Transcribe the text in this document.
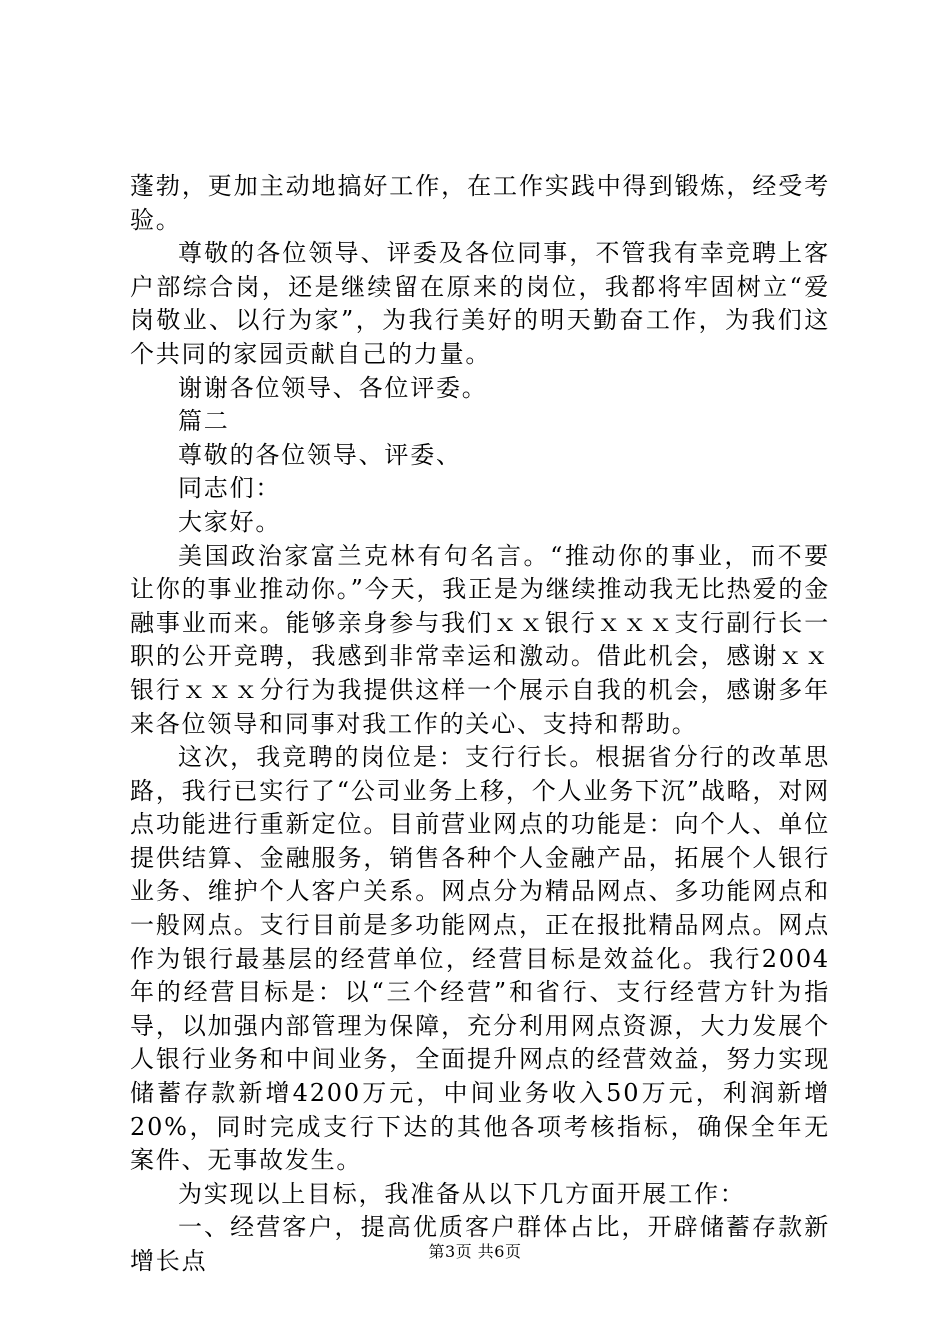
蓬勃，更加主动地搞好工作，在工作实践中得到锻炼，经受考验。

尊敬的各位领导、评委及各位同事，不管我有幸竞聘上客户部综合岗，还是继续留在原来的岗位，我都将牢固树立“爱岗敬业、以行为家”，为我行美好的明天勤奋工作，为我们这个共同的家园贡献自己的力量。

谢谢各位领导、各位评委。

篇二

尊敬的各位领导、评委、

同志们：

大家好。

美国政治家富兰克林有句名言。“推动你的事业，而不要让你的事业推动你。”今天，我正是为继续推动我无比热爱的金融事业而来。能够亲身参与我们ｘｘ银行ｘｘｘ支行副行长一职的公开竞聘，我感到非常幸运和激动。借此机会，感谢ｘｘ银行ｘｘｘ分行为我提供这样一个展示自我的机会，感谢多年来各位领导和同事对我工作的关心、支持和帮助。

这次，我竞聘的岗位是：支行行长。根据省分行的改革思路，我行已实行了“公司业务上移，个人业务下沉”战略，对网点功能进行重新定位。目前营业网点的功能是：向个人、单位提供结算、金融服务，销售各种个人金融产品，拓展个人银行业务、维护个人客户关系。网点分为精品网点、多功能网点和一般网点。支行目前是多功能网点，正在报批精品网点。网点作为银行最基层的经营单位，经营目标是效益化。我行2004年的经营目标是：以“三个经营”和省行、支行经营方针为指导，以加强内部管理为保障，充分利用网点资源，大力发展个人银行业务和中间业务，全面提升网点的经营效益，努力实现储蓄存款新增4200万元，中间业务收入50万元，利润新增20%，同时完成支行下达的其他各项考核指标，确保全年无案件、无事故发生。

为实现以上目标，我准备从以下几方面开展工作：

一、经营客户，提高优质客户群体占比，开辟储蓄存款新增长点	第3页 共6页
